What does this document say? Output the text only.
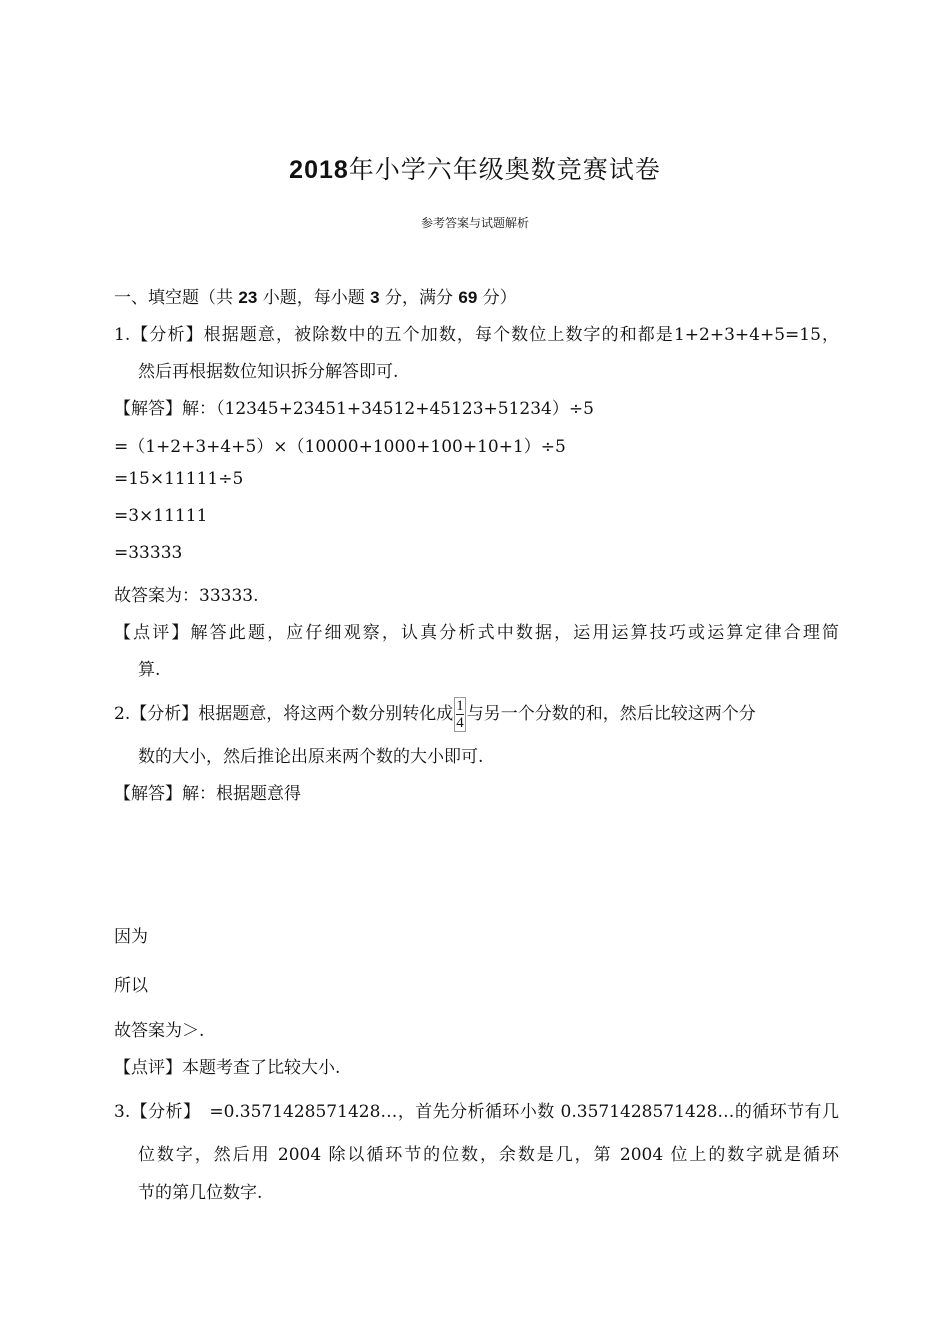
2018年小学六年级奥数竞赛试卷
参考答案与试题解析
一、填空题（共 23 小题，每小题 3 分，满分 69 分）
1.【分析】根据题意，被除数中的五个加数，每个数位上数字的和都是1+2+3+4+5=15，
然后再根据数位知识拆分解答即可.
【解答】解：（12345+23451+34512+45123+51234）÷5
=（1+2+3+4+5）×（10000+1000+100+10+1）÷5
=15×11111÷5
=3×11111
=33333
故答案为：33333.
【点评】解答此题，应仔细观察，认真分析式中数据，运用运算技巧或运算定律合理简
算.
2.【分析】根据题意，将这两个数分别转化成 $\frac{1}{4}$ 与另一个分数的和，然后比较这两个分
数的大小，然后推论出原来两个数的大小即可.
【解答】解：根据题意得
因为
所以
故答案为＞.
【点评】本题考查了比较大小.
3.【分析】　=0.3571428571428…，首先分析循环小数 0.3571428571428…的循环节有几
位数字，然后用 2004 除以循环节的位数，余数是几，第 2004 位上的数字就是循环
节的第几位数字.
